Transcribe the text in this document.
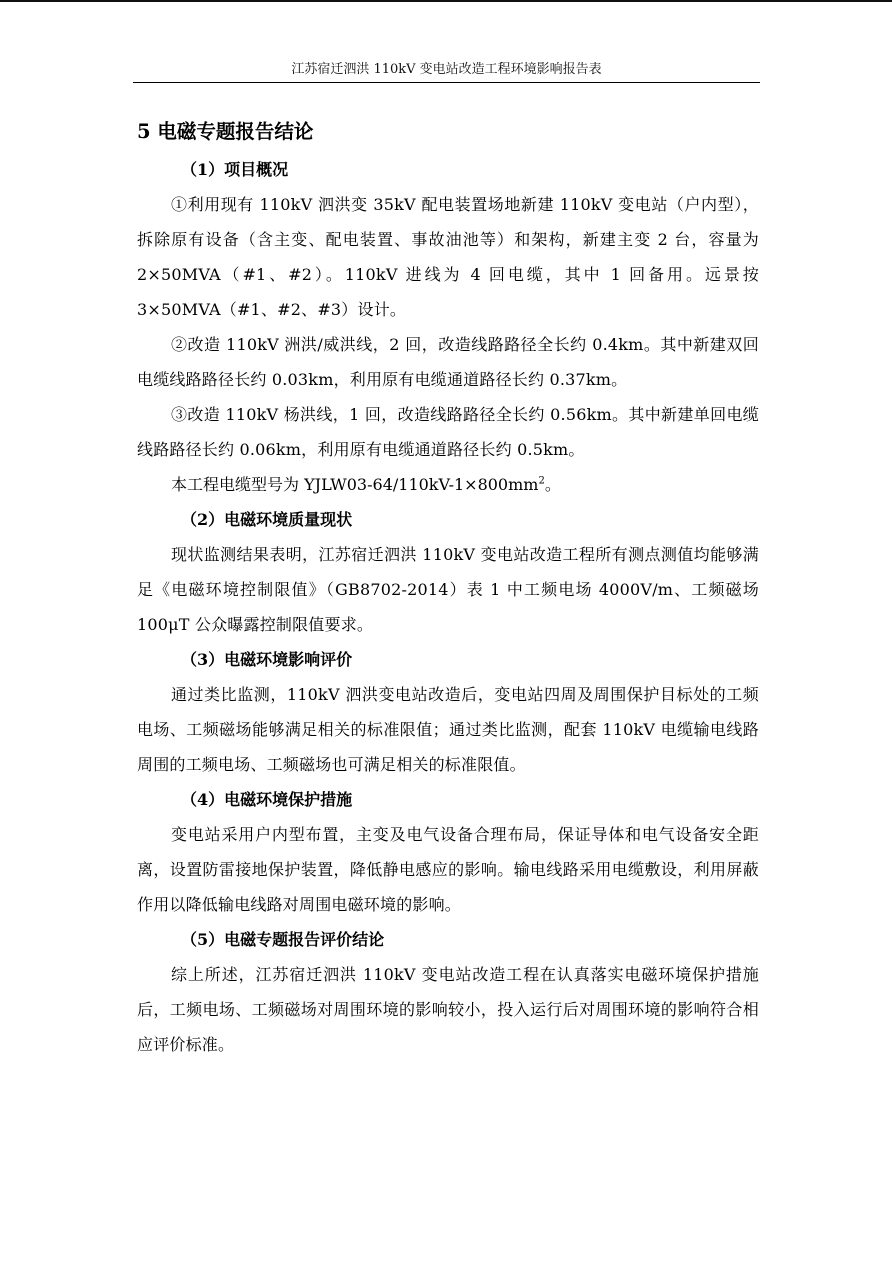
江苏宿迁泗洪 110kV 变电站改造工程环境影响报告表
5 电磁专题报告结论
（1）项目概况

①利用现有 110kV 泗洪变 35kV 配电装置场地新建 110kV 变电站（户内型），拆除原有设备（含主变、配电装置、事故油池等）和架构，新建主变 2 台，容量为 2×50MVA（#1、#2）。110kV 进线为 4 回电缆，其中 1 回备用。远景按 3×50MVA（#1、#2、#3）设计。

②改造 110kV 洲洪/威洪线，2 回，改造线路路径全长约 0.4km。其中新建双回电缆线路路径长约 0.03km，利用原有电缆通道路径长约 0.37km。

③改造 110kV 杨洪线，1 回，改造线路路径全长约 0.56km。其中新建单回电缆线路路径长约 0.06km，利用原有电缆通道路径长约 0.5km。

本工程电缆型号为 $YJLW03-64/110kV-1\times 800mm^2$。
（2）电磁环境质量现状

现状监测结果表明，江苏宿迁泗洪 110kV 变电站改造工程所有测点测值均能够满足《电磁环境控制限值》（GB8702-2014）表 1 中工频电场 4000V/m、工频磁场 100μT 公众曝露控制限值要求。

（3）电磁环境影响评价

通过类比监测，110kV 泗洪变电站改造后，变电站四周及周围保护目标处的工频电场、工频磁场能够满足相关的标准限值；通过类比监测，配套 110kV 电缆输电线路周围的工频电场、工频磁场也可满足相关的标准限值。

（4）电磁环境保护措施

变电站采用户内型布置，主变及电气设备合理布局，保证导体和电气设备安全距离，设置防雷接地保护装置，降低静电感应的影响。输电线路采用电缆敷设，利用屏蔽作用以降低输电线路对周围电磁环境的影响。

（5）电磁专题报告评价结论

综上所述，江苏宿迁泗洪 110kV 变电站改造工程在认真落实电磁环境保护措施后，工频电场、工频磁场对周围环境的影响较小，投入运行后对周围环境的影响符合相应评价标准。
